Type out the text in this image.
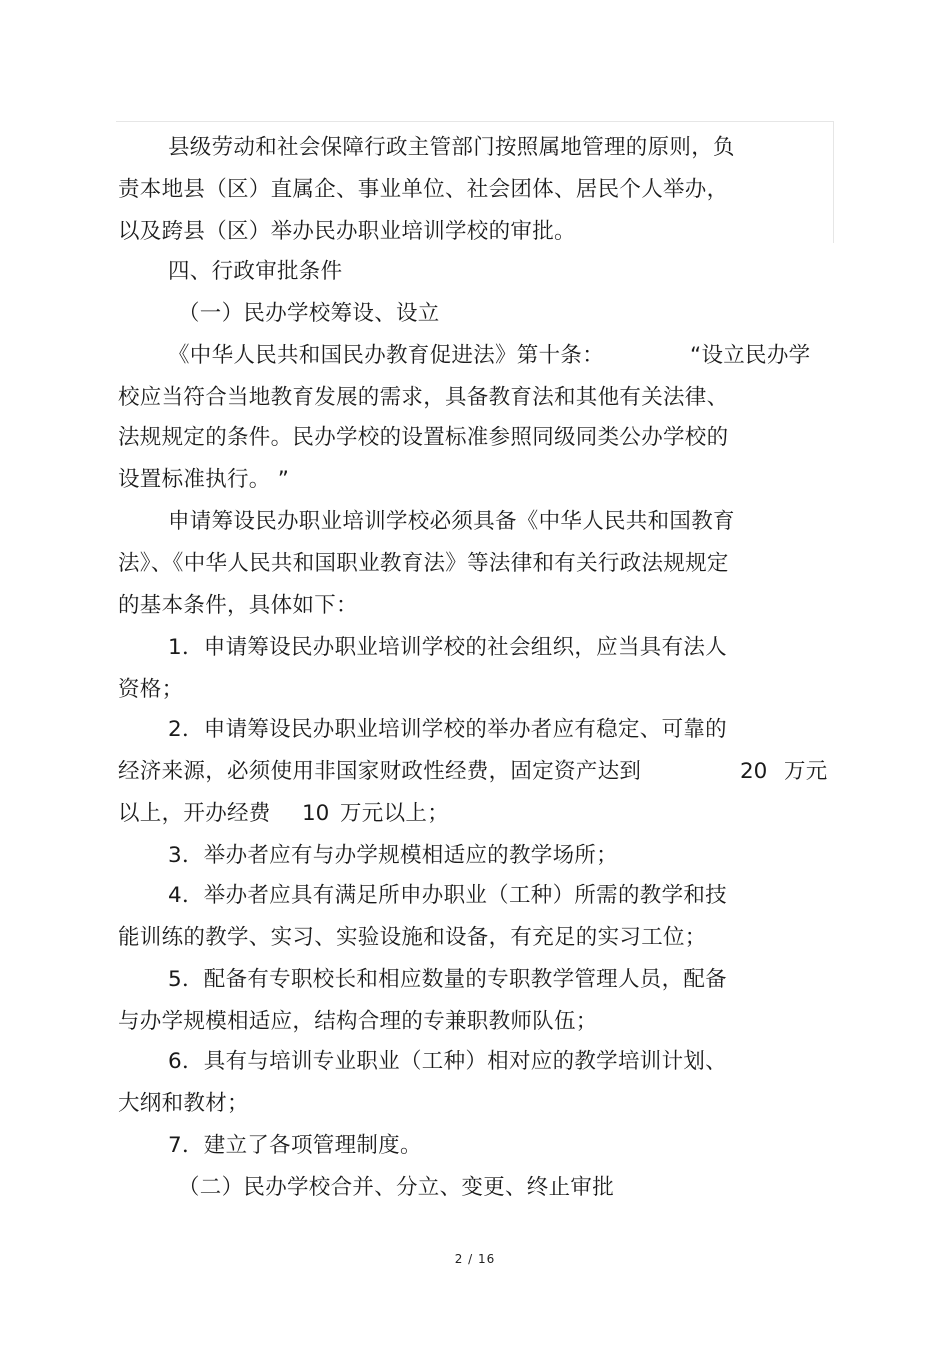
县级劳动和社会保障行政主管部门按照属地管理的原则，负
责本地县（区）直属企、事业单位、社会团体、居民个人举办，
以及跨县（区）举办民办职业培训学校的审批。
四、行政审批条件
（一）民办学校筹设、设立
《中华人民共和国民办教育促进法》第十条：	“设立民办学
校应当符合当地教育发展的需求，具备教育法和其他有关法律、
法规规定的条件。民办学校的设置标准参照同级同类公办学校的
设置标准执行。 ”
申请筹设民办职业培训学校必须具备《中华人民共和国教育
法》、《中华人民共和国职业教育法》等法律和有关行政法规规定
的基本条件，具体如下：
1．申请筹设民办职业培训学校的社会组织，应当具有法人
资格；
2．申请筹设民办职业培训学校的举办者应有稳定、可靠的
经济来源，必须使用非国家财政性经费，固定资产达到	20 万元
以上，开办经费 10 万元以上；
3．举办者应有与办学规模相适应的教学场所；
4．举办者应具有满足所申办职业（工种）所需的教学和技
能训练的教学、实习、实验设施和设备，有充足的实习工位；
5．配备有专职校长和相应数量的专职教学管理人员，配备
与办学规模相适应，结构合理的专兼职教师队伍；
6．具有与培训专业职业（工种）相对应的教学培训计划、
大纲和教材；
7．建立了各项管理制度。
（二）民办学校合并、分立、变更、终止审批
2 / 16
